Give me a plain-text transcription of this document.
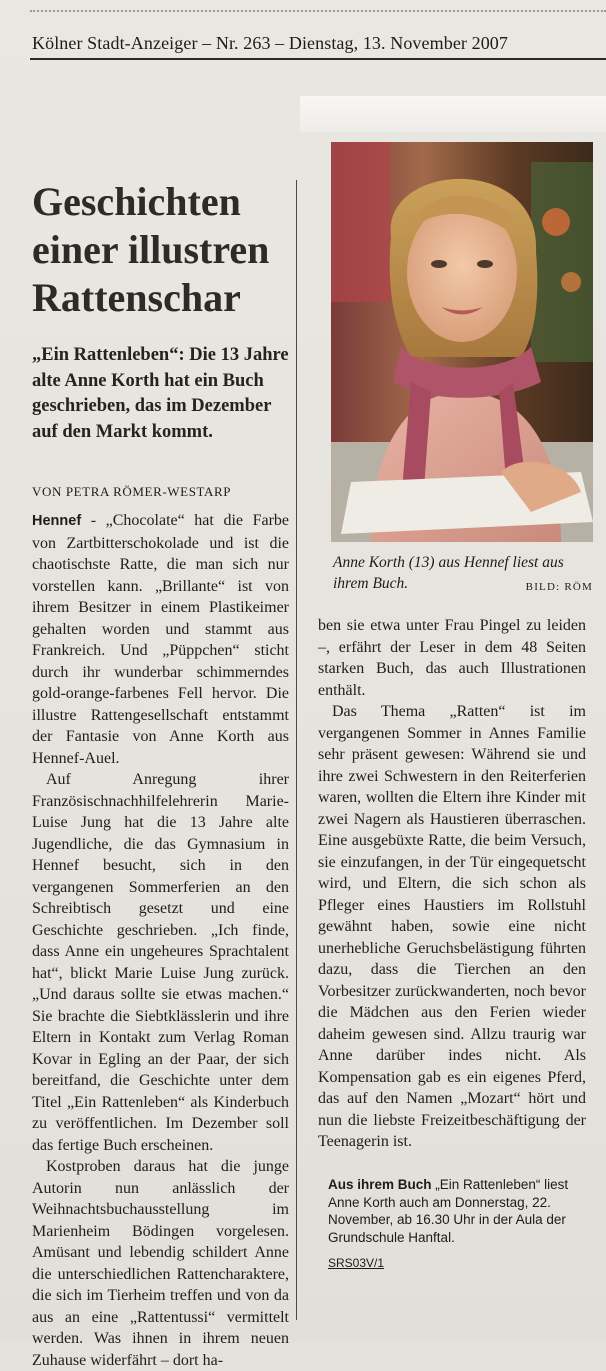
Kölner Stadt-Anzeiger – Nr. 263 – Dienstag, 13. November 2007
Geschichten
einer illustren
Rattenschar
„Ein Rattenleben“: Die 13 Jahre alte Anne Korth hat ein Buch geschrieben, das im Dezember auf den Markt kommt.
VON PETRA RÖMER-WESTARP

Hennef - „Chocolate“ hat die Farbe von Zartbitterschokolade und ist die chaotischste Ratte, die man sich nur vorstellen kann. „Brillante“ ist von ihrem Besitzer in einem Plastikeimer gehalten worden und stammt aus Frankreich. Und „Püppchen“ sticht durch ihr wunderbar schimmerndes gold-orange-farbenes Fell hervor. Die illustre Rattengesellschaft entstammt der Fantasie von Anne Korth aus Hennef-Auel.

Auf Anregung ihrer Französischnachhilfelehrerin Marie-Luise Jung hat die 13 Jahre alte Jugendliche, die das Gymnasium in Hennef besucht, sich in den vergangenen Sommerferien an den Schreibtisch gesetzt und eine Geschichte geschrieben. „Ich finde, dass Anne ein ungeheures Sprachtalent hat“, blickt Marie Luise Jung zurück. „Und daraus sollte sie etwas machen.“ Sie brachte die Siebtklässlerin und ihre Eltern in Kontakt zum Verlag Roman Kovar in Egling an der Paar, der sich bereitfand, die Geschichte unter dem Titel „Ein Rattenleben“ als Kinderbuch zu veröffentlichen. Im Dezember soll das fertige Buch erscheinen.

Kostproben daraus hat die junge Autorin nun anlässlich der Weihnachtsbuchausstellung im Marienheim Bödingen vorgelesen. Amüsant und lebendig schildert Anne die unterschiedlichen Rattencharaktere, die sich im Tierheim treffen und von da aus an eine „Rattentussi“ vermittelt werden. Was ihnen in ihrem neuen Zuhause widerfährt – dort ha-

Anne Korth (13) aus Hennef liest aus ihrem Buch.	BILD: RÖM

ben sie etwa unter Frau Pingel zu leiden –, erfährt der Leser in dem 48 Seiten starken Buch, das auch Illustrationen enthält.

Das Thema „Ratten“ ist im vergangenen Sommer in Annes Familie sehr präsent gewesen: Während sie und ihre zwei Schwestern in den Reiterferien waren, wollten die Eltern ihre Kinder mit zwei Nagern als Haustieren überraschen. Eine ausgebüxte Ratte, die beim Versuch, sie einzufangen, in der Tür eingequetscht wird, und Eltern, die sich schon als Pfleger eines Haustiers im Rollstuhl gewähnt haben, sowie eine nicht unerhebliche Geruchsbelästigung führten dazu, dass die Tierchen an den Vorbesitzer zurückwanderten, noch bevor die Mädchen aus den Ferien wieder daheim gewesen sind. Allzu traurig war Anne darüber indes nicht. Als Kompensation gab es ein eigenes Pferd, das auf den Namen „Mozart“ hört und nun die liebste Freizeitbeschäftigung der Teenagerin ist.

Aus ihrem Buch „Ein Rattenleben“ liest Anne Korth auch am Donnerstag, 22. November, ab 16.30 Uhr in der Aula der Grundschule Hanftal.
SRS03V/1
